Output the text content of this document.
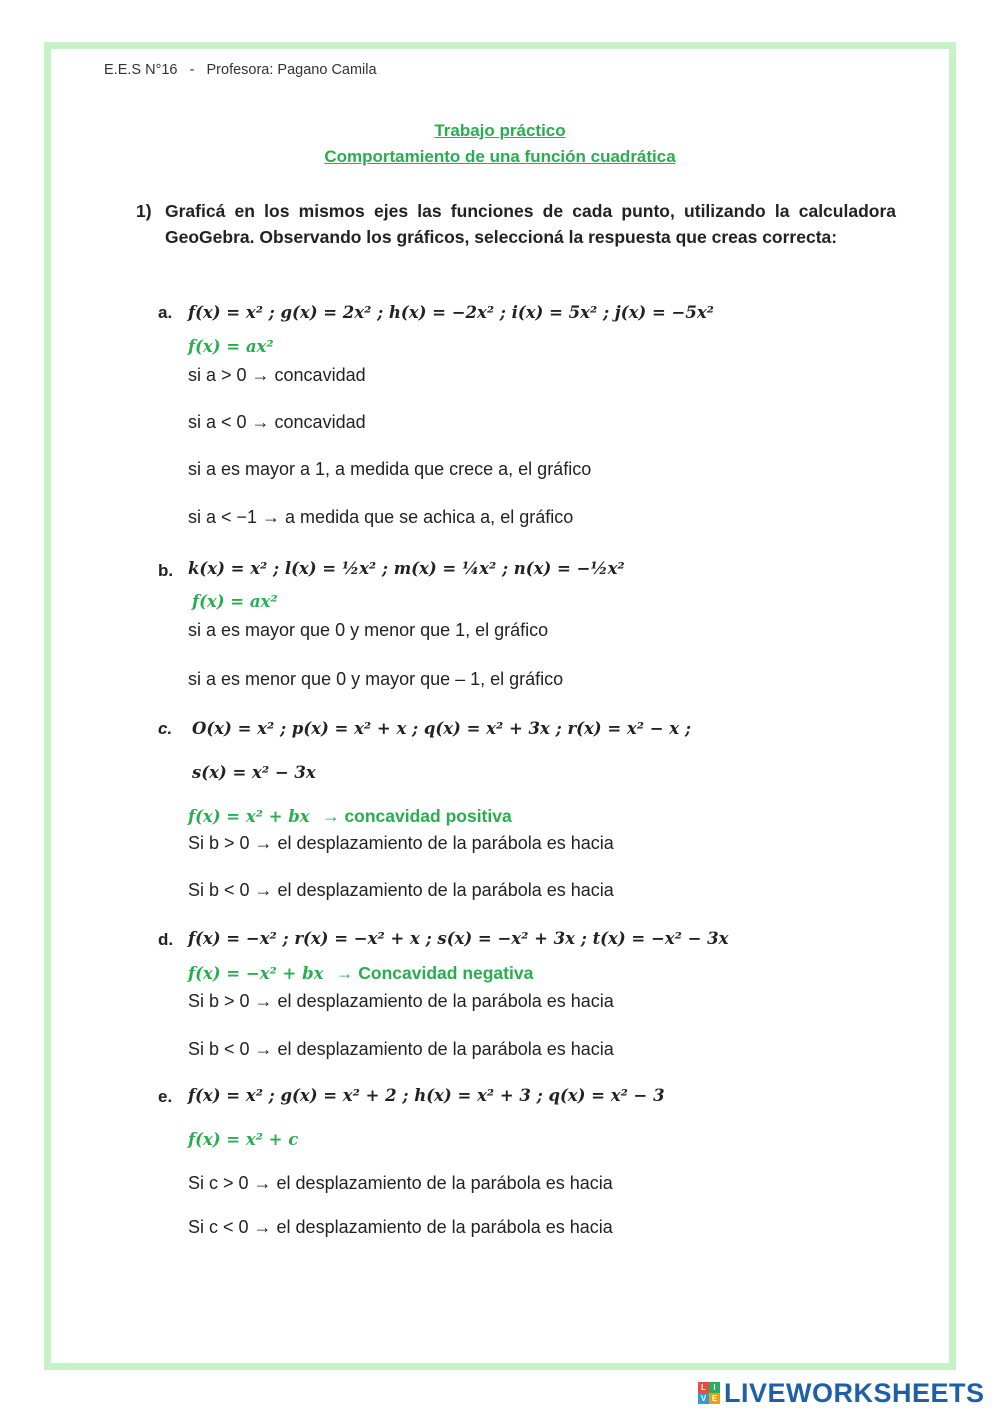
E.E.S N°16   -   Profesora: Pagano Camila
Trabajo práctico
Comportamiento de una función cuadrática
1) Graficá en los mismos ejes las funciones de cada punto, utilizando la calculadora GeoGebra. Observando los gráficos, seleccioná la respuesta que creas correcta:
a. f(x) = x² ; g(x) = 2x² ; h(x) = −2x² ; i(x) = 5x² ; j(x) = −5x²
f(x) = ax²
si a > 0 → concavidad
si a < 0 → concavidad
si a es mayor a 1, a medida que crece a, el gráfico
si a < −1 → a medida que se achica a, el gráfico
b. k(x) = x² ; l(x) = ½x² ; m(x) = ¼x² ; n(x) = −½x²
f(x) = ax²
si a es mayor que 0 y menor que 1, el gráfico
si a es menor que 0 y mayor que – 1, el gráfico
c. O(x) = x² ; p(x) = x² + x ; q(x) = x² + 3x ; r(x) = x² − x ;
s(x) = x² − 3x
f(x) = x² + bx → concavidad positiva
Si b > 0 → el desplazamiento de la parábola es hacia
Si b < 0 → el desplazamiento de la parábola es hacia
d. f(x) = −x² ; r(x) = −x² + x ; s(x) = −x² + 3x ; t(x) = −x² − 3x
f(x) = −x² + bx → Concavidad negativa
Si b > 0 → el desplazamiento de la parábola es hacia
Si b < 0 → el desplazamiento de la parábola es hacia
e. f(x) = x² ; g(x) = x² + 2 ; h(x) = x² + 3 ; q(x) = x² − 3
f(x) = x² + c
Si c > 0 → el desplazamiento de la parábola es hacia
Si c < 0 → el desplazamiento de la parábola es hacia
L I
V E LIVEWORKSHEETS
